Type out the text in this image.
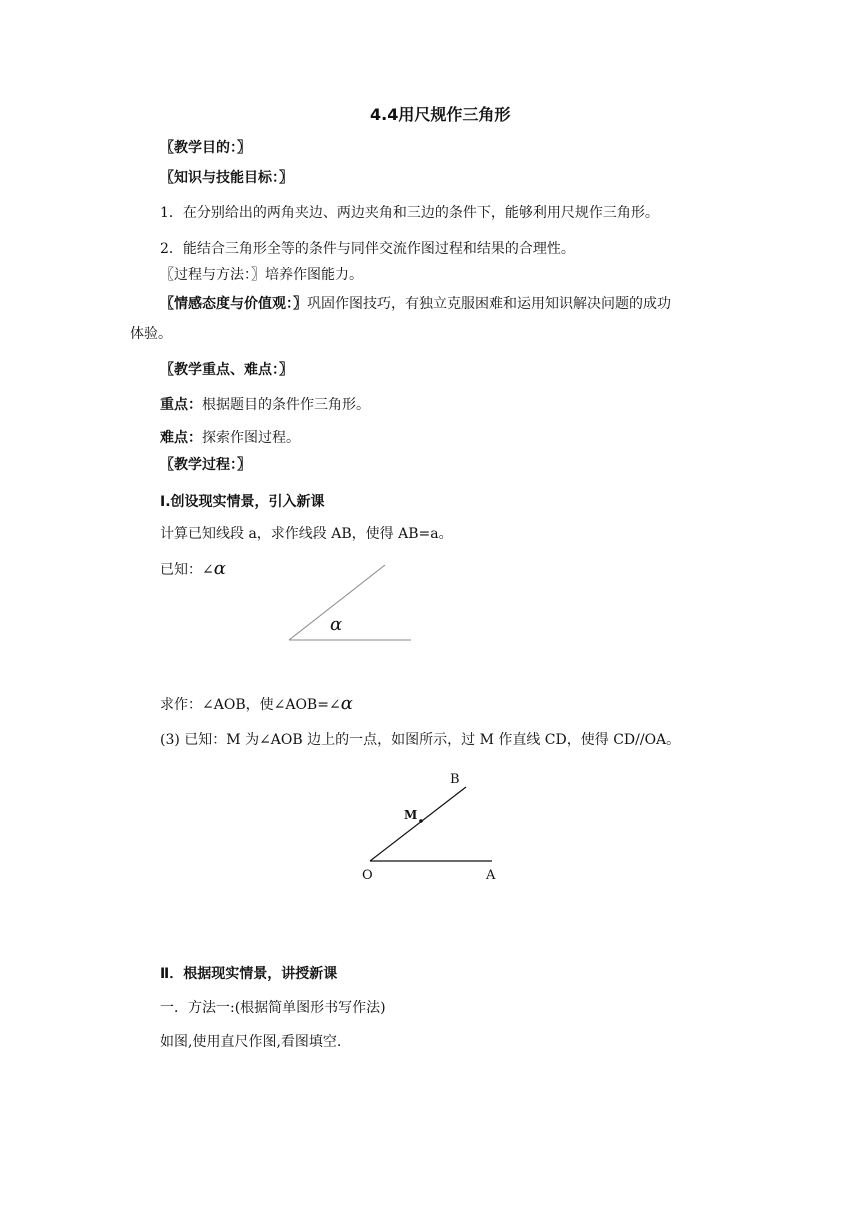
4.4用尺规作三角形
〖教学目的：〗
〖知识与技能目标：〗
1．在分别给出的两角夹边、两边夹角和三边的条件下，能够利用尺规作三角形。
2．能结合三角形全等的条件与同伴交流作图过程和结果的合理性。
〖过程与方法：〗培养作图能力。
〖情感态度与价值观：〗巩固作图技巧，有独立克服困难和运用知识解决问题的成功
体验。
〖教学重点、难点：〗
重点：根据题目的条件作三角形。
难点：探索作图过程。
〖教学过程：〗
Ⅰ.创设现实情景，引入新课
计算已知线段 a，求作线段 AB，使得 AB=a。
已知：∠α
α
求作：∠AOB，使∠AOB=∠α
(3) 已知：M 为∠AOB 边上的一点，如图所示，过 M 作直线 CD，使得 CD//OA。
B
M
O	A
Ⅱ．根据现实情景，讲授新课
一．方法一:(根据简单图形书写作法)
如图,使用直尺作图,看图填空.
